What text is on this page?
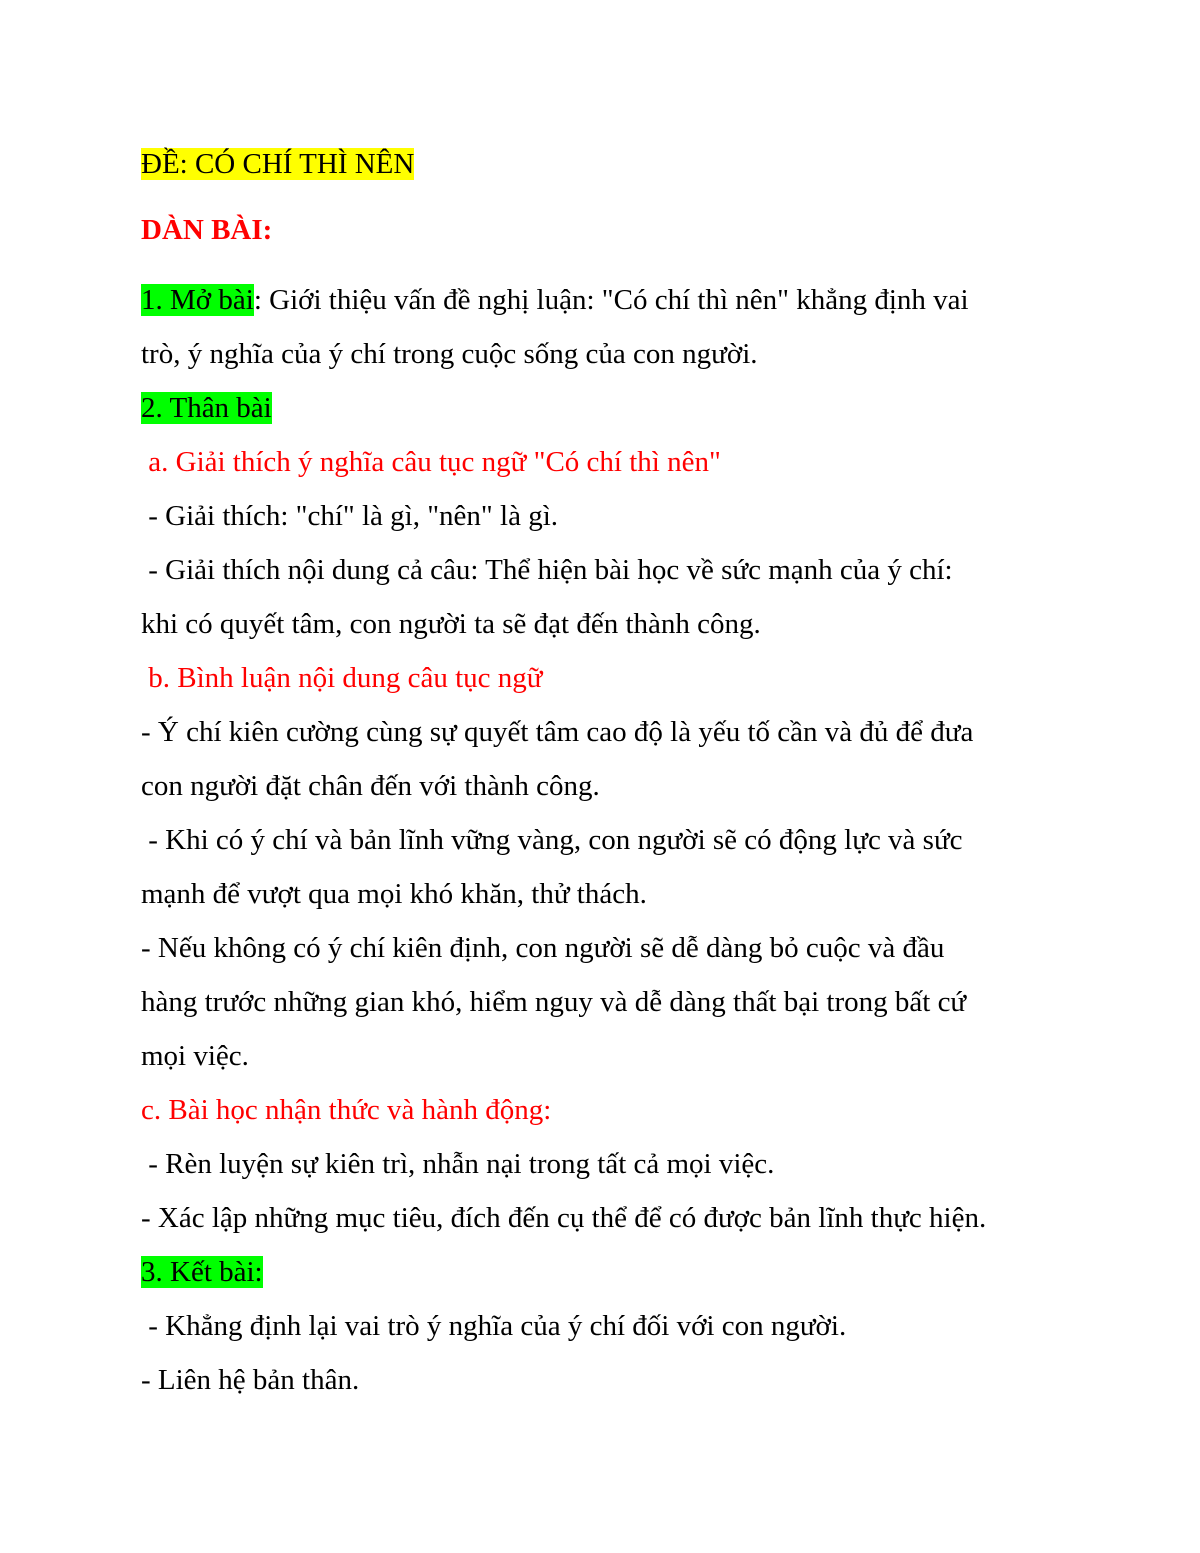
ĐỀ: CÓ CHÍ THÌ NÊN
DÀN BÀI:
1. Mở bài: Giới thiệu vấn đề nghị luận: "Có chí thì nên" khẳng định vai
trò, ý nghĩa của ý chí trong cuộc sống của con người.
2. Thân bài
a. Giải thích ý nghĩa câu tục ngữ "Có chí thì nên"
- Giải thích: "chí" là gì, "nên" là gì.
- Giải thích nội dung cả câu: Thể hiện bài học về sức mạnh của ý chí:
khi có quyết tâm, con người ta sẽ đạt đến thành công.
b. Bình luận nội dung câu tục ngữ
- Ý chí kiên cường cùng sự quyết tâm cao độ là yếu tố cần và đủ để đưa
con người đặt chân đến với thành công.
- Khi có ý chí và bản lĩnh vững vàng, con người sẽ có động lực và sức
mạnh để vượt qua mọi khó khăn, thử thách.
- Nếu không có ý chí kiên định, con người sẽ dễ dàng bỏ cuộc và đầu
hàng trước những gian khó, hiểm nguy và dễ dàng thất bại trong bất cứ
mọi việc.
c. Bài học nhận thức và hành động:
- Rèn luyện sự kiên trì, nhẫn nại trong tất cả mọi việc.
- Xác lập những mục tiêu, đích đến cụ thể để có được bản lĩnh thực hiện.
3. Kết bài:
- Khẳng định lại vai trò ý nghĩa của ý chí đối với con người.
- Liên hệ bản thân.
